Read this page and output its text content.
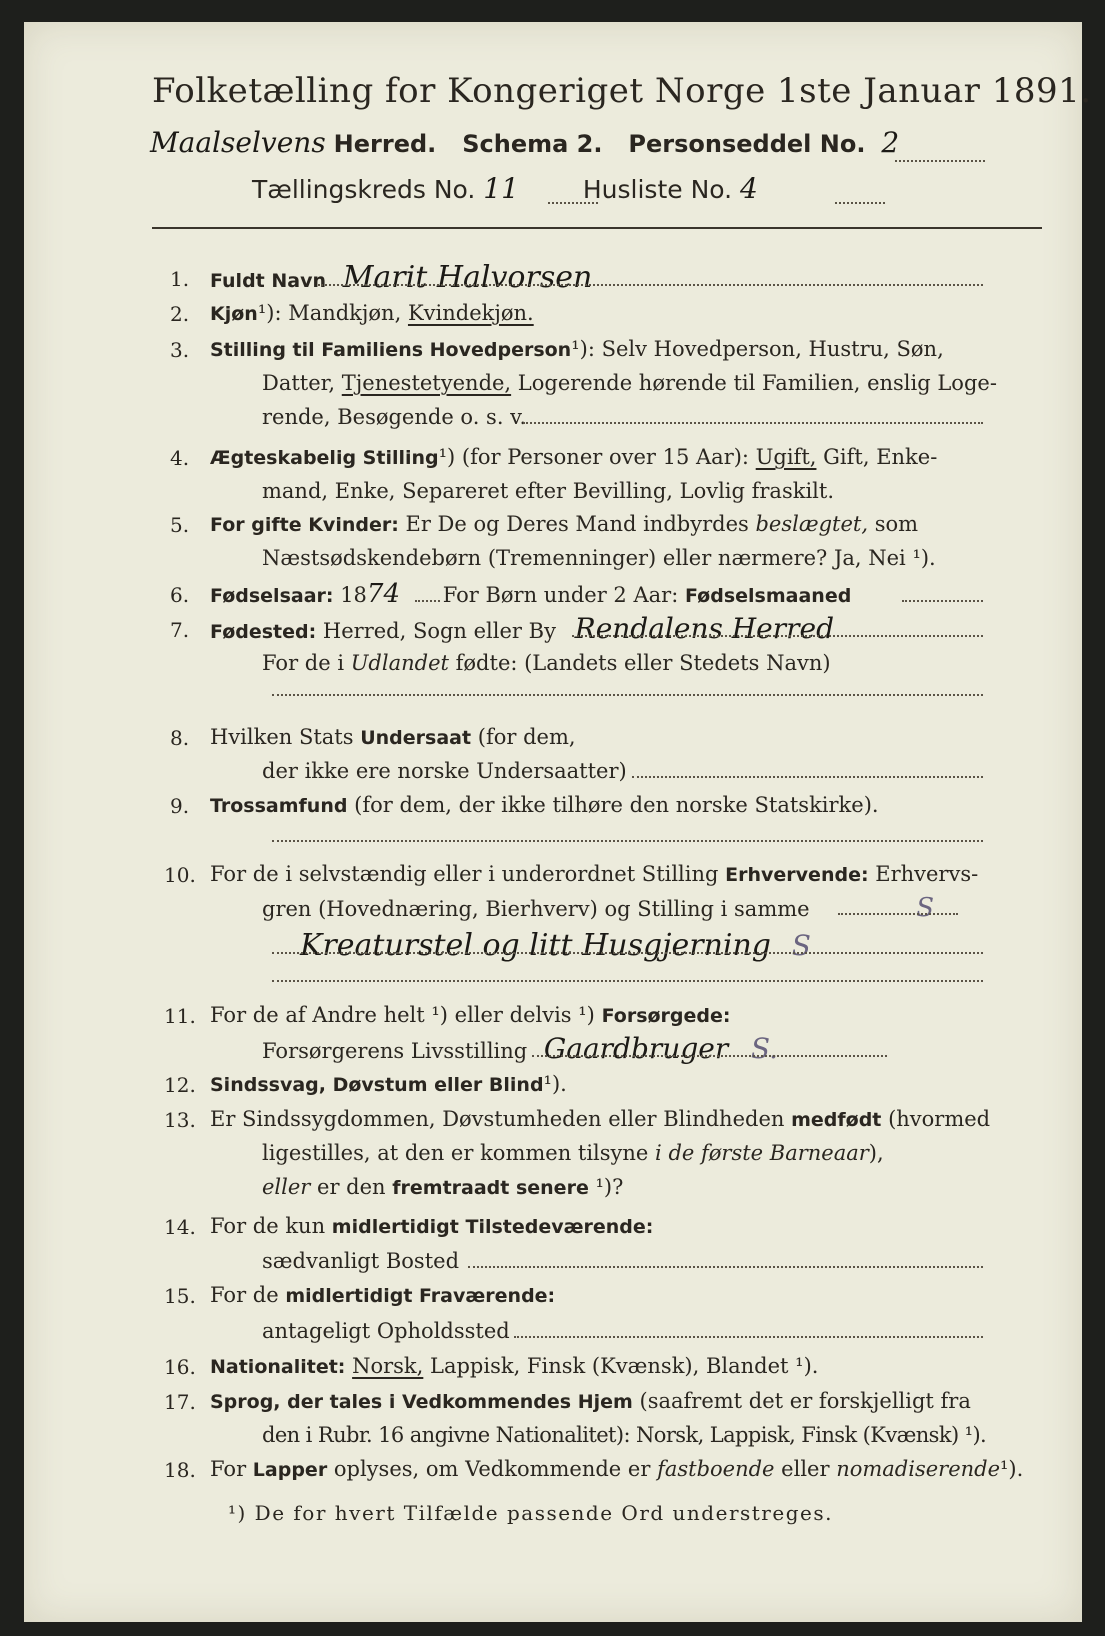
Folketælling for Kongeriget Norge 1ste Januar 1891.
Maalselvens Herred. Schema 2. Personseddel No. 2
Tællingskreds No. 11	Husliste No. 4
1. Fuldt Navn Marit Halvorsen
2. Kjøn¹): Mandkjøn, Kvindekjøn.
3. Stilling til Familiens Hovedperson¹): Selv Hovedperson, Hustru, Søn,
Datter, Tjenestetyende, Logerende hørende til Familien, enslig Loge-
rende, Besøgende o. s. v.
4. Ægteskabelig Stilling¹) (for Personer over 15 Aar): Ugift, Gift, Enke-
mand, Enke, Separeret efter Bevilling, Lovlig fraskilt.
5. For gifte Kvinder: Er De og Deres Mand indbyrdes beslægtet, som
Næstsødskendebørn (Tremenninger) eller nærmere? Ja, Nei ¹).
6. Fødselsaar: 1874 For Børn under 2 Aar: Fødselsmaaned
7. Fødested: Herred, Sogn eller By Rendalens Herred
For de i Udlandet fødte: (Landets eller Stedets Navn)
8. Hvilken Stats Undersaat (for dem,
der ikke ere norske Undersaatter)
9. Trossamfund (for dem, der ikke tilhøre den norske Statskirke).
10. For de i selvstændig eller i underordnet Stilling Erhvervende: Erhvervs-
gren (Hovednæring, Bierhverv) og Stilling i samme	S
Kreaturstel og litt Husgjerning S
11. For de af Andre helt ¹) eller delvis ¹) Forsørgede:
Forsørgerens Livsstilling Gaardbruger S.
12. Sindssvag, Døvstum eller Blind¹).
13. Er Sindssygdommen, Døvstumheden eller Blindheden medfødt (hvormed
ligestilles, at den er kommen tilsyne i de første Barneaar),
eller er den fremtraadt senere ¹)?
14. For de kun midlertidigt Tilstedeværende:
sædvanligt Bosted
15. For de midlertidigt Fraværende:
antageligt Opholdssted
16. Nationalitet: Norsk, Lappisk, Finsk (Kvænsk), Blandet ¹).
17. Sprog, der tales i Vedkommendes Hjem (saafremt det er forskjelligt fra
den i Rubr. 16 angivne Nationalitet): Norsk, Lappisk, Finsk (Kvænsk) ¹).
18. For Lapper oplyses, om Vedkommende er fastboende eller nomadiserende¹).
¹) De for hvert Tilfælde passende Ord understreges.
